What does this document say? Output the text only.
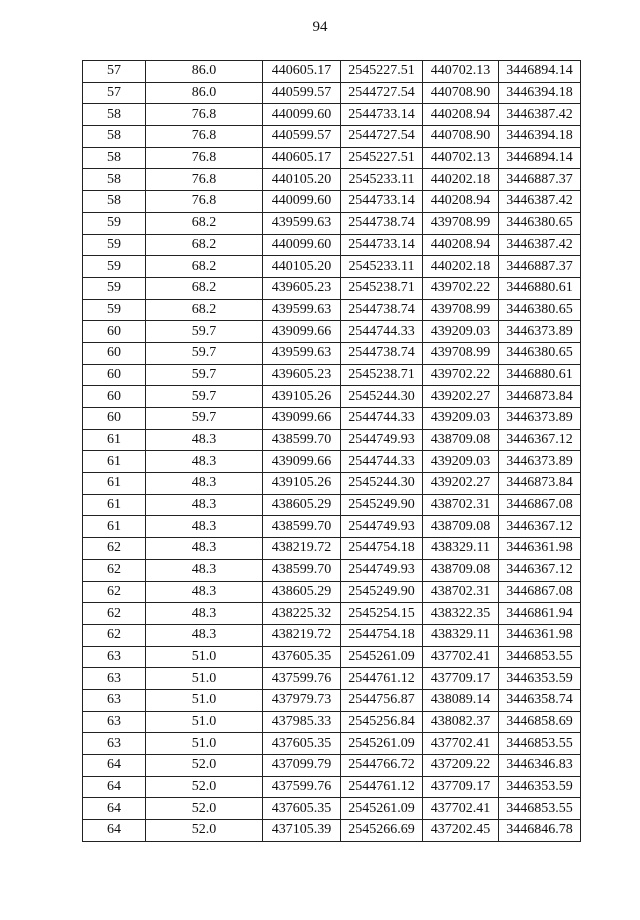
94
57	86.0	440605.17	2545227.51	440702.13	3446894.14
57	86.0	440599.57	2544727.54	440708.90	3446394.18
58	76.8	440099.60	2544733.14	440208.94	3446387.42
58	76.8	440599.57	2544727.54	440708.90	3446394.18
58	76.8	440605.17	2545227.51	440702.13	3446894.14
58	76.8	440105.20	2545233.11	440202.18	3446887.37
58	76.8	440099.60	2544733.14	440208.94	3446387.42
59	68.2	439599.63	2544738.74	439708.99	3446380.65
59	68.2	440099.60	2544733.14	440208.94	3446387.42
59	68.2	440105.20	2545233.11	440202.18	3446887.37
59	68.2	439605.23	2545238.71	439702.22	3446880.61
59	68.2	439599.63	2544738.74	439708.99	3446380.65
60	59.7	439099.66	2544744.33	439209.03	3446373.89
60	59.7	439599.63	2544738.74	439708.99	3446380.65
60	59.7	439605.23	2545238.71	439702.22	3446880.61
60	59.7	439105.26	2545244.30	439202.27	3446873.84
60	59.7	439099.66	2544744.33	439209.03	3446373.89
61	48.3	438599.70	2544749.93	438709.08	3446367.12
61	48.3	439099.66	2544744.33	439209.03	3446373.89
61	48.3	439105.26	2545244.30	439202.27	3446873.84
61	48.3	438605.29	2545249.90	438702.31	3446867.08
61	48.3	438599.70	2544749.93	438709.08	3446367.12
62	48.3	438219.72	2544754.18	438329.11	3446361.98
62	48.3	438599.70	2544749.93	438709.08	3446367.12
62	48.3	438605.29	2545249.90	438702.31	3446867.08
62	48.3	438225.32	2545254.15	438322.35	3446861.94
62	48.3	438219.72	2544754.18	438329.11	3446361.98
63	51.0	437605.35	2545261.09	437702.41	3446853.55
63	51.0	437599.76	2544761.12	437709.17	3446353.59
63	51.0	437979.73	2544756.87	438089.14	3446358.74
63	51.0	437985.33	2545256.84	438082.37	3446858.69
63	51.0	437605.35	2545261.09	437702.41	3446853.55
64	52.0	437099.79	2544766.72	437209.22	3446346.83
64	52.0	437599.76	2544761.12	437709.17	3446353.59
64	52.0	437605.35	2545261.09	437702.41	3446853.55
64	52.0	437105.39	2545266.69	437202.45	3446846.78
